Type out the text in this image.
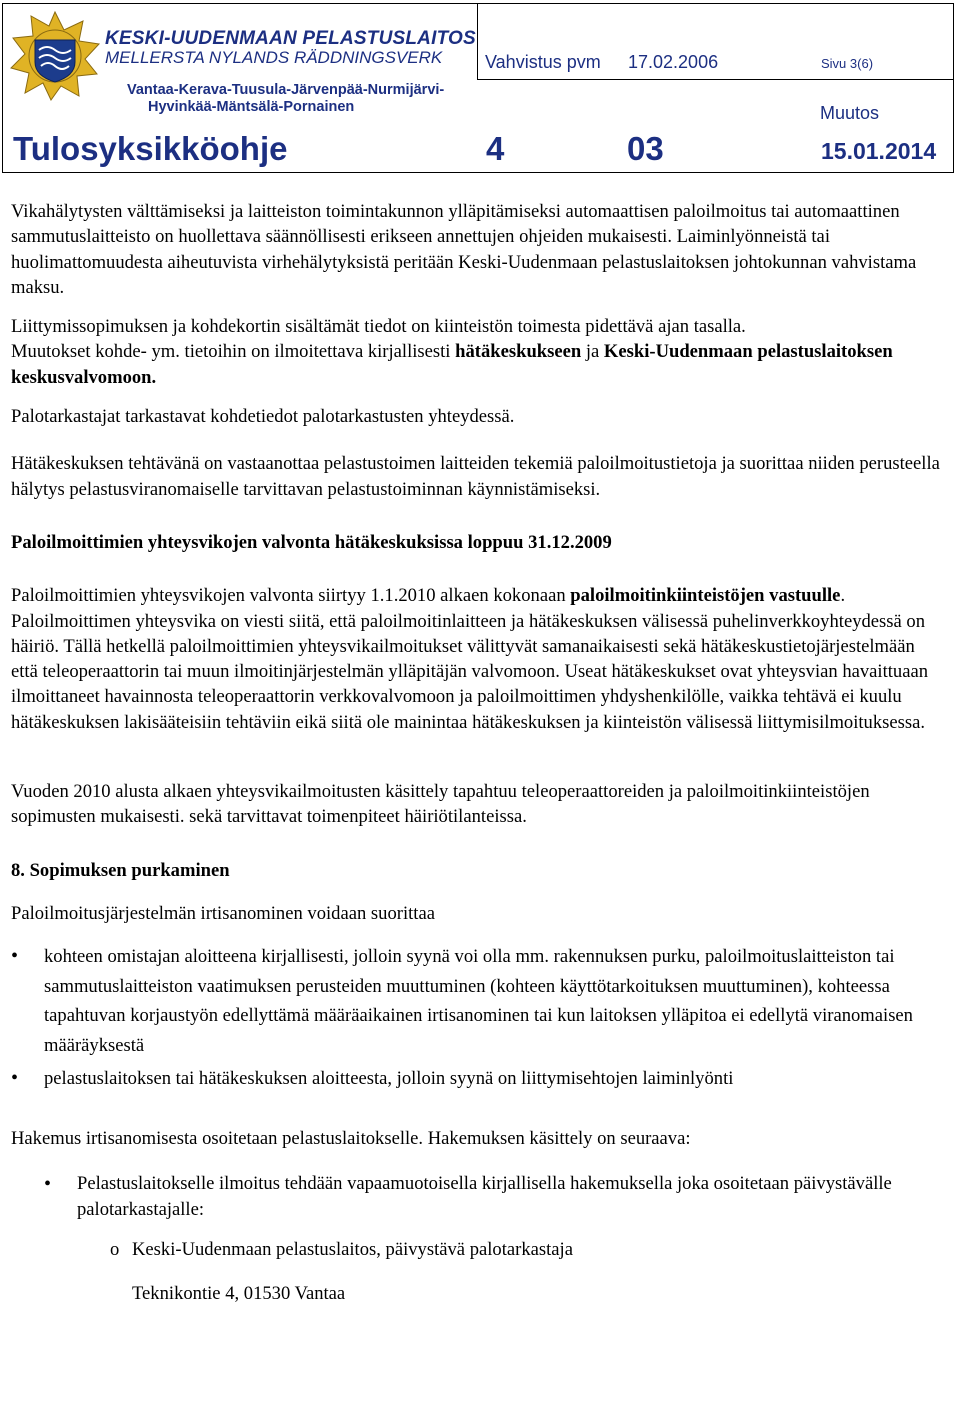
KESKI-UUDENMAAN PELASTUSLAITOS
MELLERSTA NYLANDS RÄDDNINGSVERK
Vantaa-Kerava-Tuusula-Järvenpää-Nurmijärvi-
Hyvinkää-Mäntsälä-Pornainen
Vahvistus pvm 17.02.2006	Sivu 3(6)
Muutos
Tulosyksikköohje	4	03	15.01.2014

Vikahälytysten välttämiseksi ja laitteiston toimintakunnon ylläpitämiseksi automaattisen paloilmoitus tai automaattinen sammutuslaitteisto on huollettava säännöllisesti erikseen annettujen ohjeiden mukaisesti. Laiminlyönneistä tai huolimattomuudesta aiheutuvista virhehälytyksistä peritään Keski-Uudenmaan pelastuslaitoksen johtokunnan vahvistama maksu.

Liittymissopimuksen ja kohdekortin sisältämät tiedot on kiinteistön toimesta pidettävä ajan tasalla.

Muutokset kohde- ym. tietoihin on ilmoitettava kirjallisesti hätäkeskukseen ja Keski-Uudenmaan pelastuslaitoksen keskusvalvomoon.

Palotarkastajat tarkastavat kohdetiedot palotarkastusten yhteydessä.

Hätäkeskuksen tehtävänä on vastaanottaa pelastustoimen laitteiden tekemiä paloilmoitustietoja ja suorittaa niiden perusteella hälytys pelastusviranomaiselle tarvittavan pelastustoiminnan käynnistämiseksi.

Paloilmoittimien yhteysvikojen valvonta hätäkeskuksissa loppuu 31.12.2009

Paloilmoittimien yhteysvikojen valvonta siirtyy 1.1.2010 alkaen kokonaan paloilmoitinkiinteistöjen vastuulle. Paloilmoittimen yhteysvika on viesti siitä, että paloilmoitinlaitteen ja hätäkeskuksen välisessä puhelinverkkoyhteydessä on häiriö. Tällä hetkellä paloilmoittimien yhteysvikailmoitukset välittyvät samanaikaisesti sekä hätäkeskustietojärjestelmään että teleoperaattorin tai muun ilmoitinjärjestelmän ylläpitäjän valvomoon. Useat hätäkeskukset ovat yhteysvian havaittuaan ilmoittaneet havainnosta teleoperaattorin verkkovalvomoon ja paloilmoittimen yhdyshenkilölle, vaikka tehtävä ei kuulu hätäkeskuksen lakisääteisiin tehtäviin eikä siitä ole mainintaa hätäkeskuksen ja kiinteistön välisessä liittymisilmoituksessa.

Vuoden 2010 alusta alkaen yhteysvikailmoitusten käsittely tapahtuu teleoperaattoreiden ja paloilmoitinkiinteistöjen sopimusten mukaisesti. sekä tarvittavat toimenpiteet häiriötilanteissa.

8. Sopimuksen purkaminen

Paloilmoitusjärjestelmän irtisanominen voidaan suorittaa

• kohteen omistajan aloitteena kirjallisesti, jolloin syynä voi olla mm. rakennuksen purku, paloilmoituslaitteiston tai sammutuslaitteiston vaatimuksen perusteiden muuttuminen (kohteen käyttötarkoituksen muuttuminen), kohteessa tapahtuvan korjaustyön edellyttämä määräaikainen irtisanominen tai kun laitoksen ylläpitoa ei edellytä viranomaisen määräyksestä
• pelastuslaitoksen tai hätäkeskuksen aloitteesta, jolloin syynä on liittymisehtojen laiminlyönti

Hakemus irtisanomisesta osoitetaan pelastuslaitokselle. Hakemuksen käsittely on seuraava:

• Pelastuslaitokselle ilmoitus tehdään vapaamuotoisella kirjallisella hakemuksella joka osoitetaan päivystävälle palotarkastajalle:
o Keski-Uudenmaan pelastuslaitos, päivystävä palotarkastaja
Teknikontie 4, 01530 Vantaa
